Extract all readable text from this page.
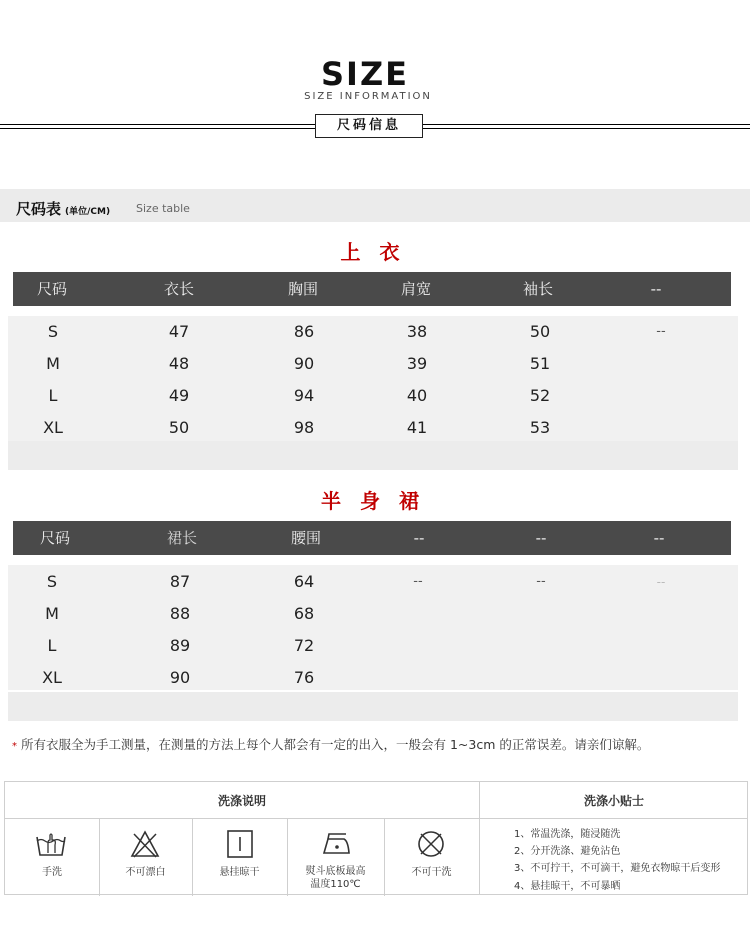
SIZE
SIZE INFORMATION
尺码信息
尺码表 (单位/CM) Size table
上 衣
尺码	衣长	胸围	肩宽	袖长	--
S	47	86	38	50	--
M	48	90	39	51
L	49	94	40	52
XL	50	98	41	53
半 身 裙
尺码	裙长	腰围	--	--	--
S	87	64	--	--	--
M	88	68
L	89	72
XL	90	76
* 所有衣服全为手工测量，在测量的方法上每个人都会有一定的出入，一般会有 1~3cm 的正常误差。请亲们谅解。
洗涤说明	洗涤小贴士
手洗	不可漂白	悬挂晾干	熨斗底板最高
温度110℃
不可干洗
1、常温洗涤，随浸随洗
2、分开洗涤、避免沾色
3、不可拧干，不可滴干，避免衣物晾干后变形
4、悬挂晾干，不可暴晒
